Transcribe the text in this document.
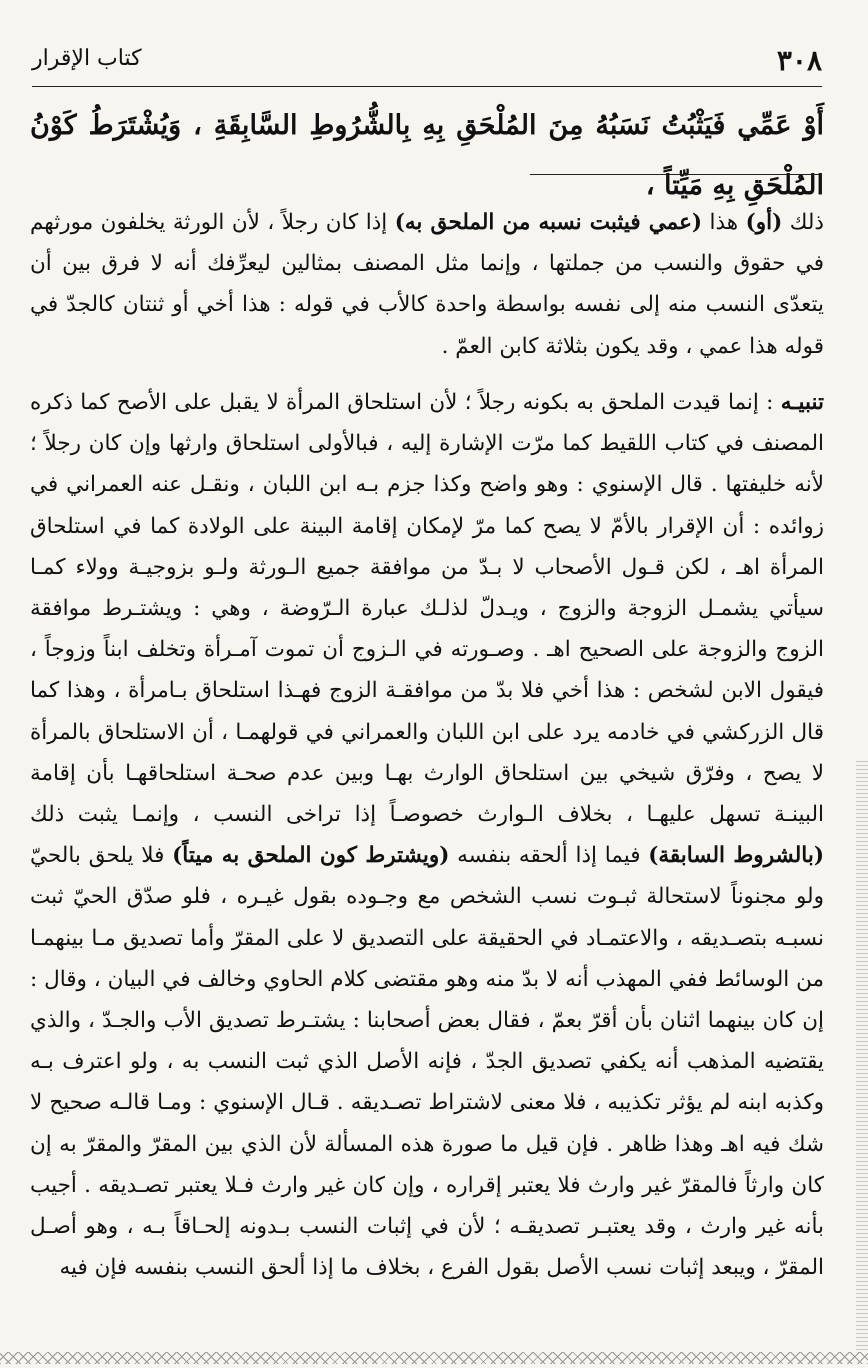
٣٠٨
كتاب الإقرار
أَوْ عَمِّي فَيَثْبُتُ نَسَبُهُ مِنَ المُلْحَقِ بِهِ بِالشُّرُوطِ السَّابِقَةِ ، وَيُشْتَرَطُ كَوْنُ المُلْحَقِ بِهِ مَيِّتاً ،

ذلك (أو) هذا (عمي فيثبت نسبه من الملحق به) إذا كان رجلاً ، لأن الورثة يخلفون مورثهم في حقوق والنسب من جملتها ، وإنما مثل المصنف بمثالين ليعرِّفك أنه لا فرق بين أن يتعدّى النسب منه إلى نفسه بواسطة واحدة كالأب في قوله : هذا أخي أو ثنتان كالجدّ في قوله هذا عمي ، وقد يكون بثلاثة كابن العمّ .

تنبيـه : إنما قيدت الملحق به بكونه رجلاً ؛ لأن استلحاق المرأة لا يقبل على الأصح كما ذكره المصنف في كتاب اللقيط كما مرّت الإشارة إليه ، فبالأولى استلحاق وارثها وإن كان رجلاً ؛ لأنه خليفتها . قال الإسنوي : وهو واضح وكذا جزم بـه ابن اللبان ، ونقـل عنه العمراني في زوائده : أن الإقرار بالأمّ لا يصح كما مرّ لإمكان إقامة البينة على الولادة كما في استلحاق المرأة اهـ ، لكن قـول الأصحاب لا بـدّ من موافقة جميع الـورثة ولـو بزوجيـة وولاء كمـا سيأتي يشمـل الزوجة والزوج ، ويـدلّ لذلـك عبارة الـرّوضة ، وهي : ويشتـرط موافقة الزوج والزوجة على الصحيح اهـ . وصـورته في الـزوج أن تموت آمـرأة وتخلف ابناً وزوجاً ، فيقول الابن لشخص : هذا أخي فلا بدّ من موافقـة الزوج فهـذا استلحاق بـامرأة ، وهذا كما قال الزركشي في خادمه يرد على ابن اللبان والعمراني في قولهمـا ، أن الاستلحاق بالمرأة لا يصح ، وفرّق شيخي بين استلحاق الوارث بهـا وبين عدم صحـة استلحاقهـا بأن إقامة البينـة تسهل عليهـا ، بخلاف الـوارث خصوصـاً إذا تراخى النسب ، وإنمـا يثبت ذلك (بالشروط السابقة) فيما إذا ألحقه بنفسه (ويشترط كون الملحق به ميتاً) فلا يلحق بالحيّ ولو مجنوناً لاستحالة ثبـوت نسب الشخص مع وجـوده بقول غيـره ، فلو صدّق الحيّ ثبت نسبـه بتصـديقه ، والاعتمـاد في الحقيقة على التصديق لا على المقرّ وأما تصديق مـا بينهمـا من الوسائط ففي المهذب أنه لا بدّ منه وهو مقتضى كلام الحاوي وخالف في البيان ، وقال : إن كان بينهما اثنان بأن أقرّ بعمّ ، فقال بعض أصحابنا : يشتـرط تصديق الأب والجـدّ ، والذي يقتضيه المذهب أنه يكفي تصديق الجدّ ، فإنه الأصل الذي ثبت النسب به ، ولو اعترف بـه وكذبه ابنه لم يؤثر تكذيبه ، فلا معنى لاشتراط تصـديقه . قـال الإسنوي : ومـا قالـه صحيح لا شك فيه اهـ وهذا ظاهر . فإن قيل ما صورة هذه المسألة لأن الذي بين المقرّ والمقرّ به إن كان وارثاً فالمقرّ غير وارث فلا يعتبر إقراره ، وإن كان غير وارث فـلا يعتبر تصـديقه . أجيب بأنه غير وارث ، وقد يعتبـر تصديقـه ؛ لأن في إثبات النسب بـدونه إلحـاقاً بـه ، وهو أصـل المقرّ ، ويبعد إثبات نسب الأصل بقول الفرع ، بخلاف ما إذا ألحق النسب بنفسه فإن فيه
